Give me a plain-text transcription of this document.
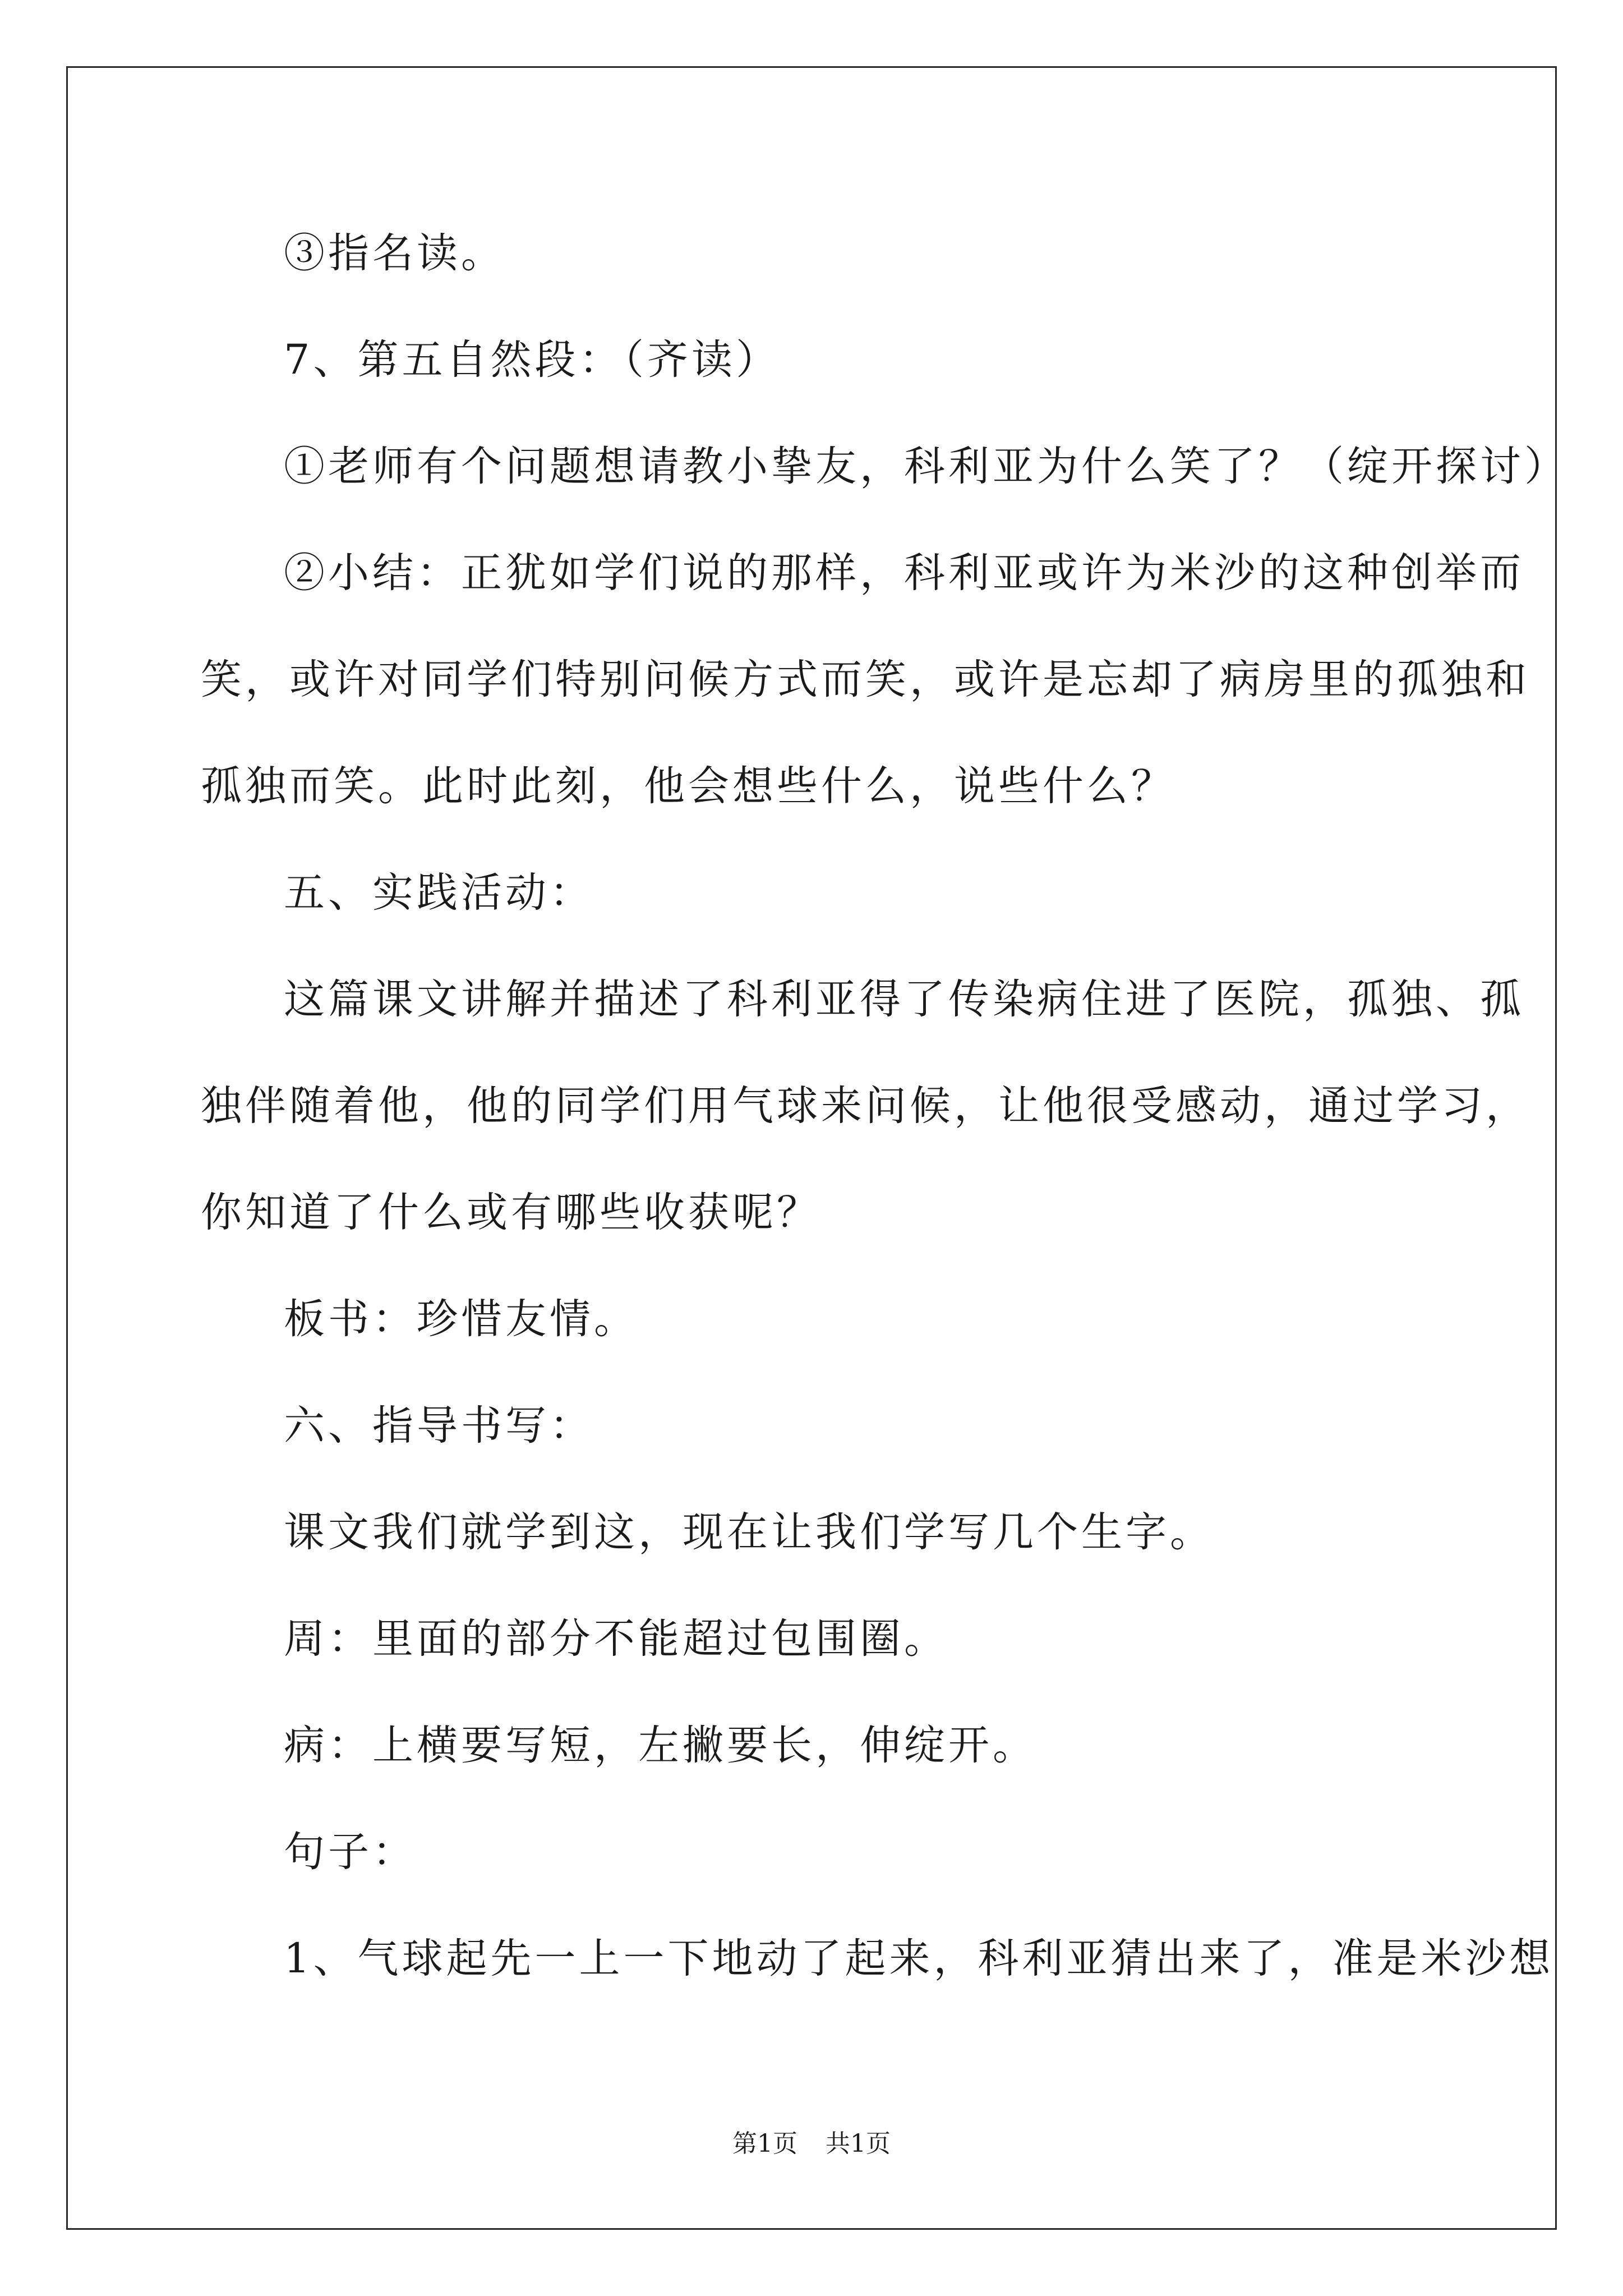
③指名读。
7、第五自然段：（齐读）
①老师有个问题想请教小挚友，科利亚为什么笑了？（绽开探讨）
②小结：正犹如学们说的那样，科利亚或许为米沙的这种创举而
笑，或许对同学们特别问候方式而笑，或许是忘却了病房里的孤独和
孤独而笑。此时此刻，他会想些什么，说些什么？
五、实践活动：
这篇课文讲解并描述了科利亚得了传染病住进了医院，孤独、孤
独伴随着他，他的同学们用气球来问候，让他很受感动，通过学习，
你知道了什么或有哪些收获呢？
板书：珍惜友情。
六、指导书写：
课文我们就学到这，现在让我们学写几个生字。
周：里面的部分不能超过包围圈。
病：上横要写短，左撇要长，伸绽开。
句子：
1、气球起先一上一下地动了起来，科利亚猜出来了，准是米沙想
第1页 共1页
